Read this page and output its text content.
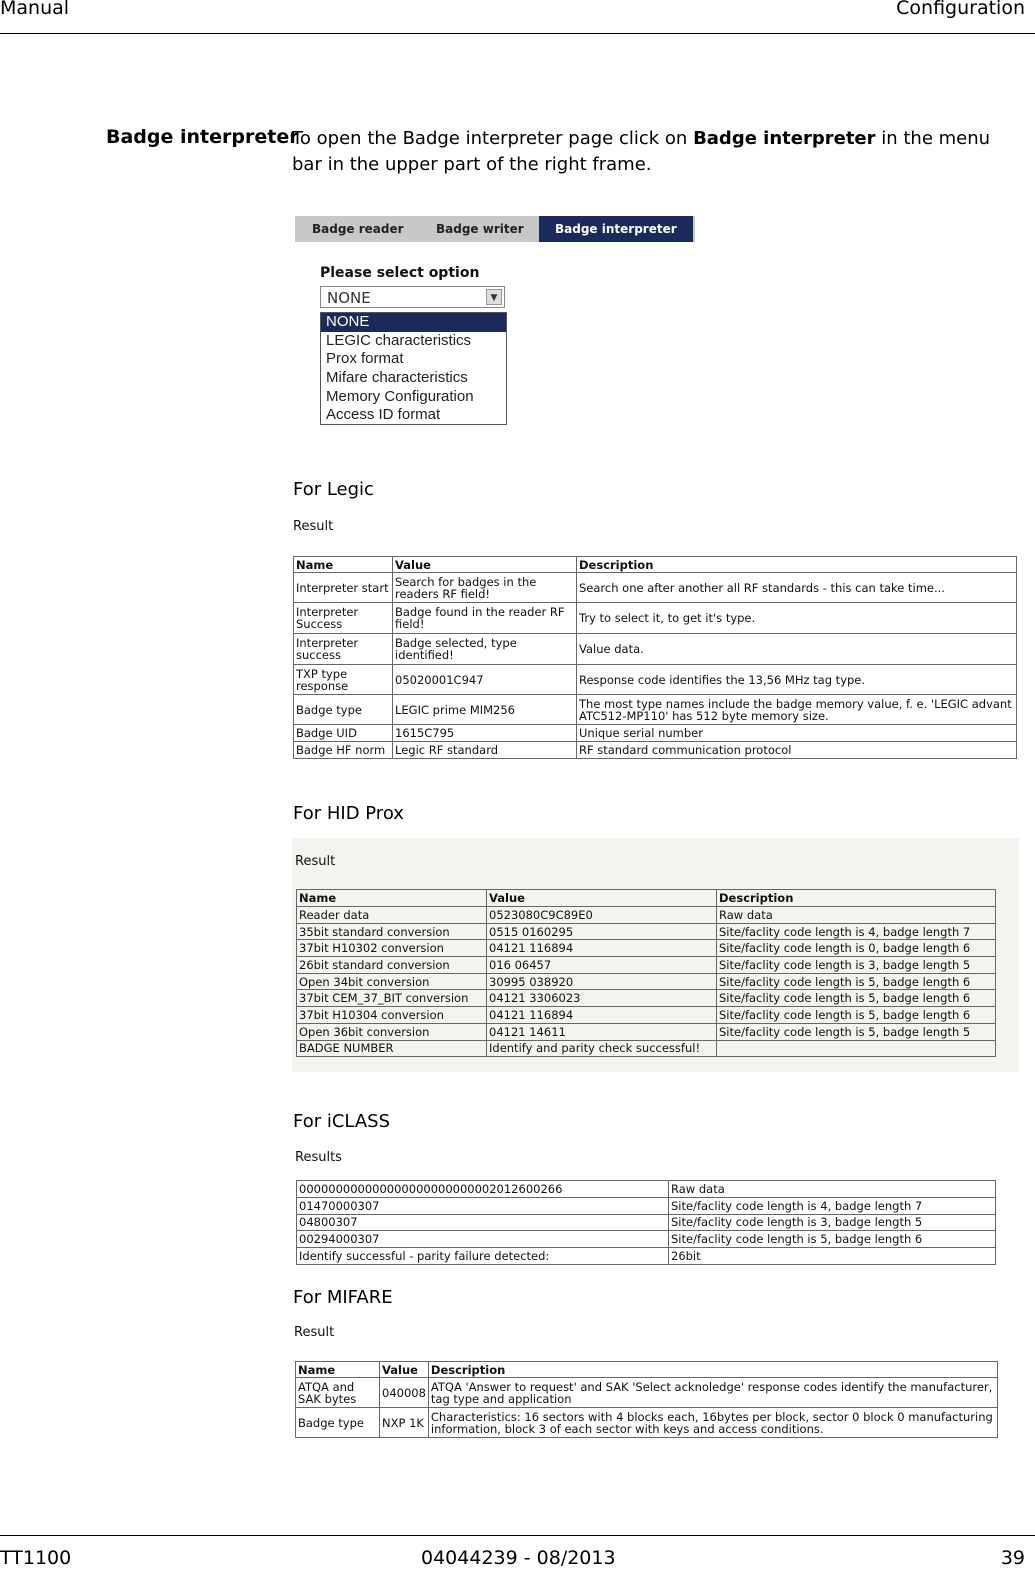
Manual	Configuration
Badge interpreter
To open the Badge interpreter page click on Badge interpreter in the menu bar in the upper part of the right frame.
Badge reader	Badge writer	Badge interpreter
Please select option
NONE	▼
NONE
LEGIC characteristics
Prox format
Mifare characteristics
Memory Configuration
Access ID format
For Legic
Result
Name	Value	Description
Interpreter start	Search for badges in the readers RF field!	Search one after another all RF standards - this can take time...
Interpreter Success	Badge found in the reader RF field!	Try to select it, to get it's type.
Interpreter success	Badge selected, type identified!	Value data.
TXP type response	05020001C947	Response code identifies the 13,56 MHz tag type.
Badge type	LEGIC prime MIM256	The most type names include the badge memory value, f. e. 'LEGIC advant ATC512-MP110' has 512 byte memory size.
Badge UID	1615C795	Unique serial number
Badge HF norm	Legic RF standard	RF standard communication protocol
For HID Prox
Result
Name	Value	Description
Reader data	0523080C9C89E0	Raw data
35bit standard conversion	0515 0160295	Site/faclity code length is 4, badge length 7
37bit H10302 conversion	04121 116894	Site/faclity code length is 0, badge length 6
26bit standard conversion	016 06457	Site/faclity code length is 3, badge length 5
Open 34bit conversion	30995 038920	Site/faclity code length is 5, badge length 6
37bit CEM_37_BIT conversion	04121 3306023	Site/faclity code length is 5, badge length 6
37bit H10304 conversion	04121 116894	Site/faclity code length is 5, badge length 6
Open 36bit conversion	04121 14611	Site/faclity code length is 5, badge length 5
BADGE NUMBER	Identify and parity check successful!	
For iCLASS
Results
000000000000000000000000002012600266	Raw data
01470000307	Site/faclity code length is 4, badge length 7
04800307	Site/faclity code length is 3, badge length 5
00294000307	Site/faclity code length is 5, badge length 6
Identify successful - parity failure detected:	26bit
For MIFARE
Result
Name	Value	Description
ATQA and SAK bytes	040008	ATQA 'Answer to request' and SAK 'Select acknoledge' response codes identify the manufacturer, tag type and application
Badge type	NXP 1K	Characteristics: 16 sectors with 4 blocks each, 16bytes per block, sector 0 block 0 manufacturing information, block 3 of each sector with keys and access conditions.
TT1100	04044239 - 08/2013	39
